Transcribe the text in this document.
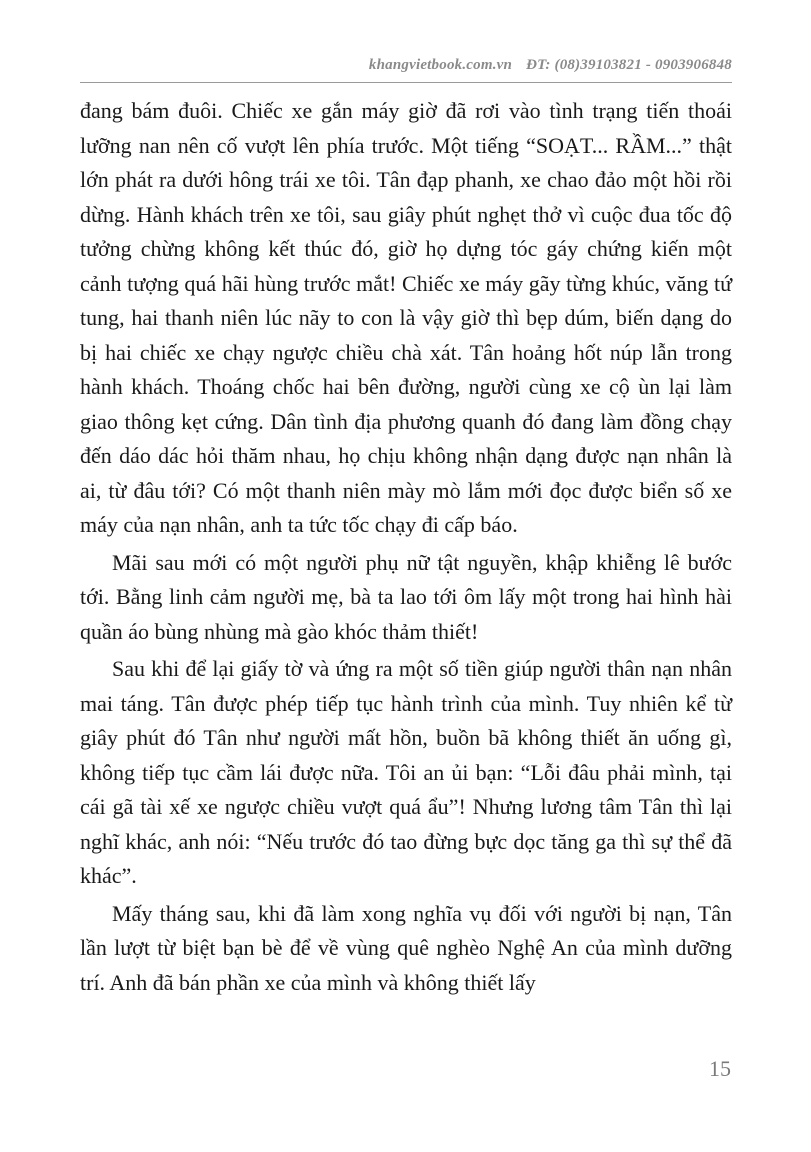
khangvietbook.com.vn ĐT: (08)39103821 - 0903906848

đang bám đuôi. Chiếc xe gắn máy giờ đã rơi vào tình trạng tiến thoái lưỡng nan nên cố vượt lên phía trước. Một tiếng “SOẠT... RẦM...” thật lớn phát ra dưới hông trái xe tôi. Tân đạp phanh, xe chao đảo một hồi rồi dừng. Hành khách trên xe tôi, sau giây phút nghẹt thở vì cuộc đua tốc độ tưởng chừng không kết thúc đó, giờ họ dựng tóc gáy chứng kiến một cảnh tượng quá hãi hùng trước mắt! Chiếc xe máy gãy từng khúc, văng tứ tung, hai thanh niên lúc nãy to con là vậy giờ thì bẹp dúm, biến dạng do bị hai chiếc xe chạy ngược chiều chà xát. Tân hoảng hốt núp lẫn trong hành khách. Thoáng chốc hai bên đường, người cùng xe cộ ùn lại làm giao thông kẹt cứng. Dân tình địa phương quanh đó đang làm đồng chạy đến dáo dác hỏi thăm nhau, họ chịu không nhận dạng được nạn nhân là ai, từ đâu tới? Có một thanh niên mày mò lắm mới đọc được biển số xe máy của nạn nhân, anh ta tức tốc chạy đi cấp báo.

Mãi sau mới có một người phụ nữ tật nguyền, khập khiễng lê bước tới. Bằng linh cảm người mẹ, bà ta lao tới ôm lấy một trong hai hình hài quần áo bùng nhùng mà gào khóc thảm thiết!

Sau khi để lại giấy tờ và ứng ra một số tiền giúp người thân nạn nhân mai táng. Tân được phép tiếp tục hành trình của mình. Tuy nhiên kể từ giây phút đó Tân như người mất hồn, buồn bã không thiết ăn uống gì, không tiếp tục cầm lái được nữa. Tôi an ủi bạn: “Lỗi đâu phải mình, tại cái gã tài xế xe ngược chiều vượt quá ẩu”! Nhưng lương tâm Tân thì lại nghĩ khác, anh nói: “Nếu trước đó tao đừng bực dọc tăng ga thì sự thể đã khác”.

Mấy tháng sau, khi đã làm xong nghĩa vụ đối với người bị nạn, Tân lần lượt từ biệt bạn bè để về vùng quê nghèo Nghệ An của mình dưỡng trí. Anh đã bán phần xe của mình và không thiết lấy

15
